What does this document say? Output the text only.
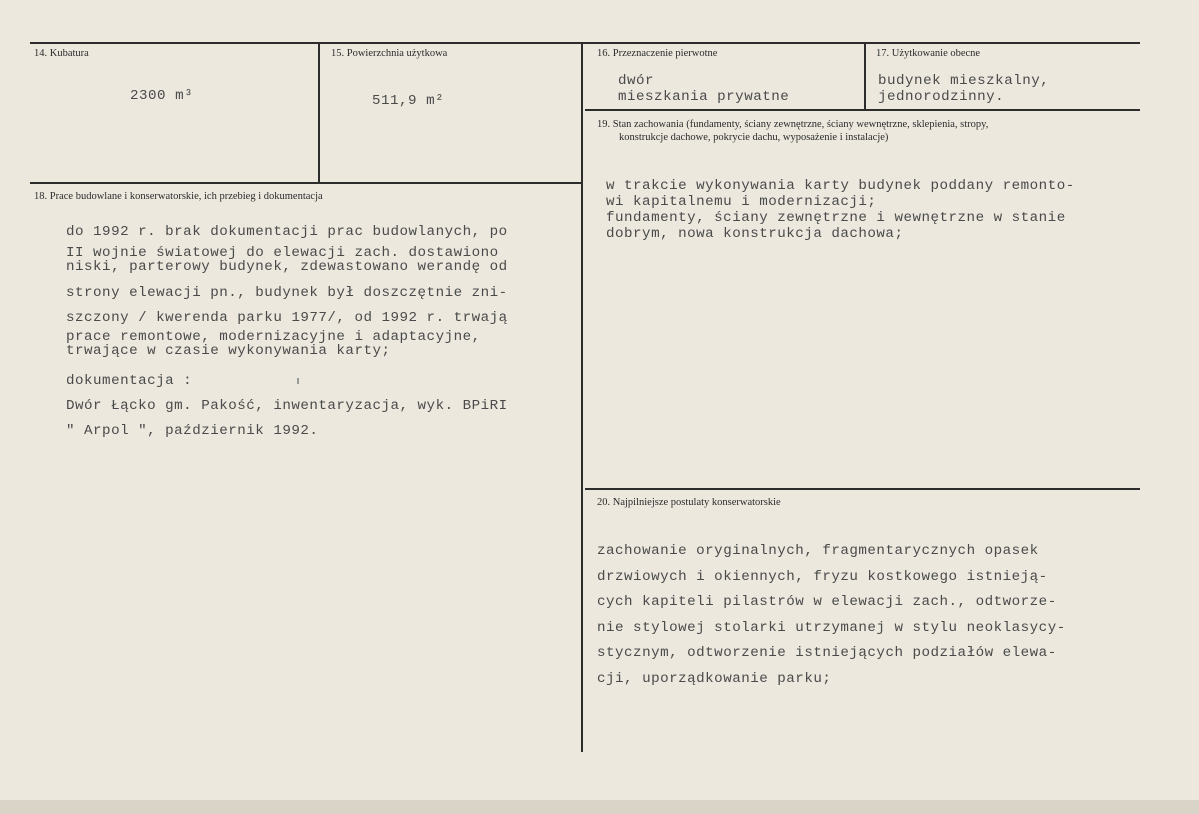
14. Kubatura
2300 m³
15. Powierzchnia użytkowa
511,9 m²
16. Przeznaczenie pierwotne
dwór
mieszkania prywatne
17. Użytkowanie obecne
budynek mieszkalny,
jednorodzinny.
18. Prace budowlane i konserwatorskie, ich przebieg i dokumentacja
do 1992 r. brak dokumentacji prac budowlanych, po
II wojnie światowej do elewacji zach. dostawiono
niski, parterowy budynek, zdewastowano werandę od
strony elewacji pn., budynek był doszczętnie zni-
szczony / kwerenda parku 1977/, od 1992 r. trwają
prace remontowe, modernizacyjne i adaptacyjne,
trwające w czasie wykonywania karty;
dokumentacja :
Dwór Łącko gm. Pakość, inwentaryzacja, wyk. BPiRI
" Arpol ", październik 1992.
19. Stan zachowania (fundamenty, ściany zewnętrzne, ściany wewnętrzne, sklepienia, stropy,
konstrukcje dachowe, pokrycie dachu, wyposażenie i instalacje)
w trakcie wykonywania karty budynek poddany remonto-
wi kapitalnemu i modernizacji;
fundamenty, ściany zewnętrzne i wewnętrzne w stanie
dobrym, nowa konstrukcja dachowa;
20. Najpilniejsze postulaty konserwatorskie
zachowanie oryginalnych, fragmentarycznych opasek
drzwiowych i okiennych, fryzu kostkowego istnieją-
cych kapiteli pilastrów w elewacji zach., odtworze-
nie stylowej stolarki utrzymanej w stylu neoklasycy-
stycznym, odtworzenie istniejących podziałów elewa-
cji, uporządkowanie parku;
